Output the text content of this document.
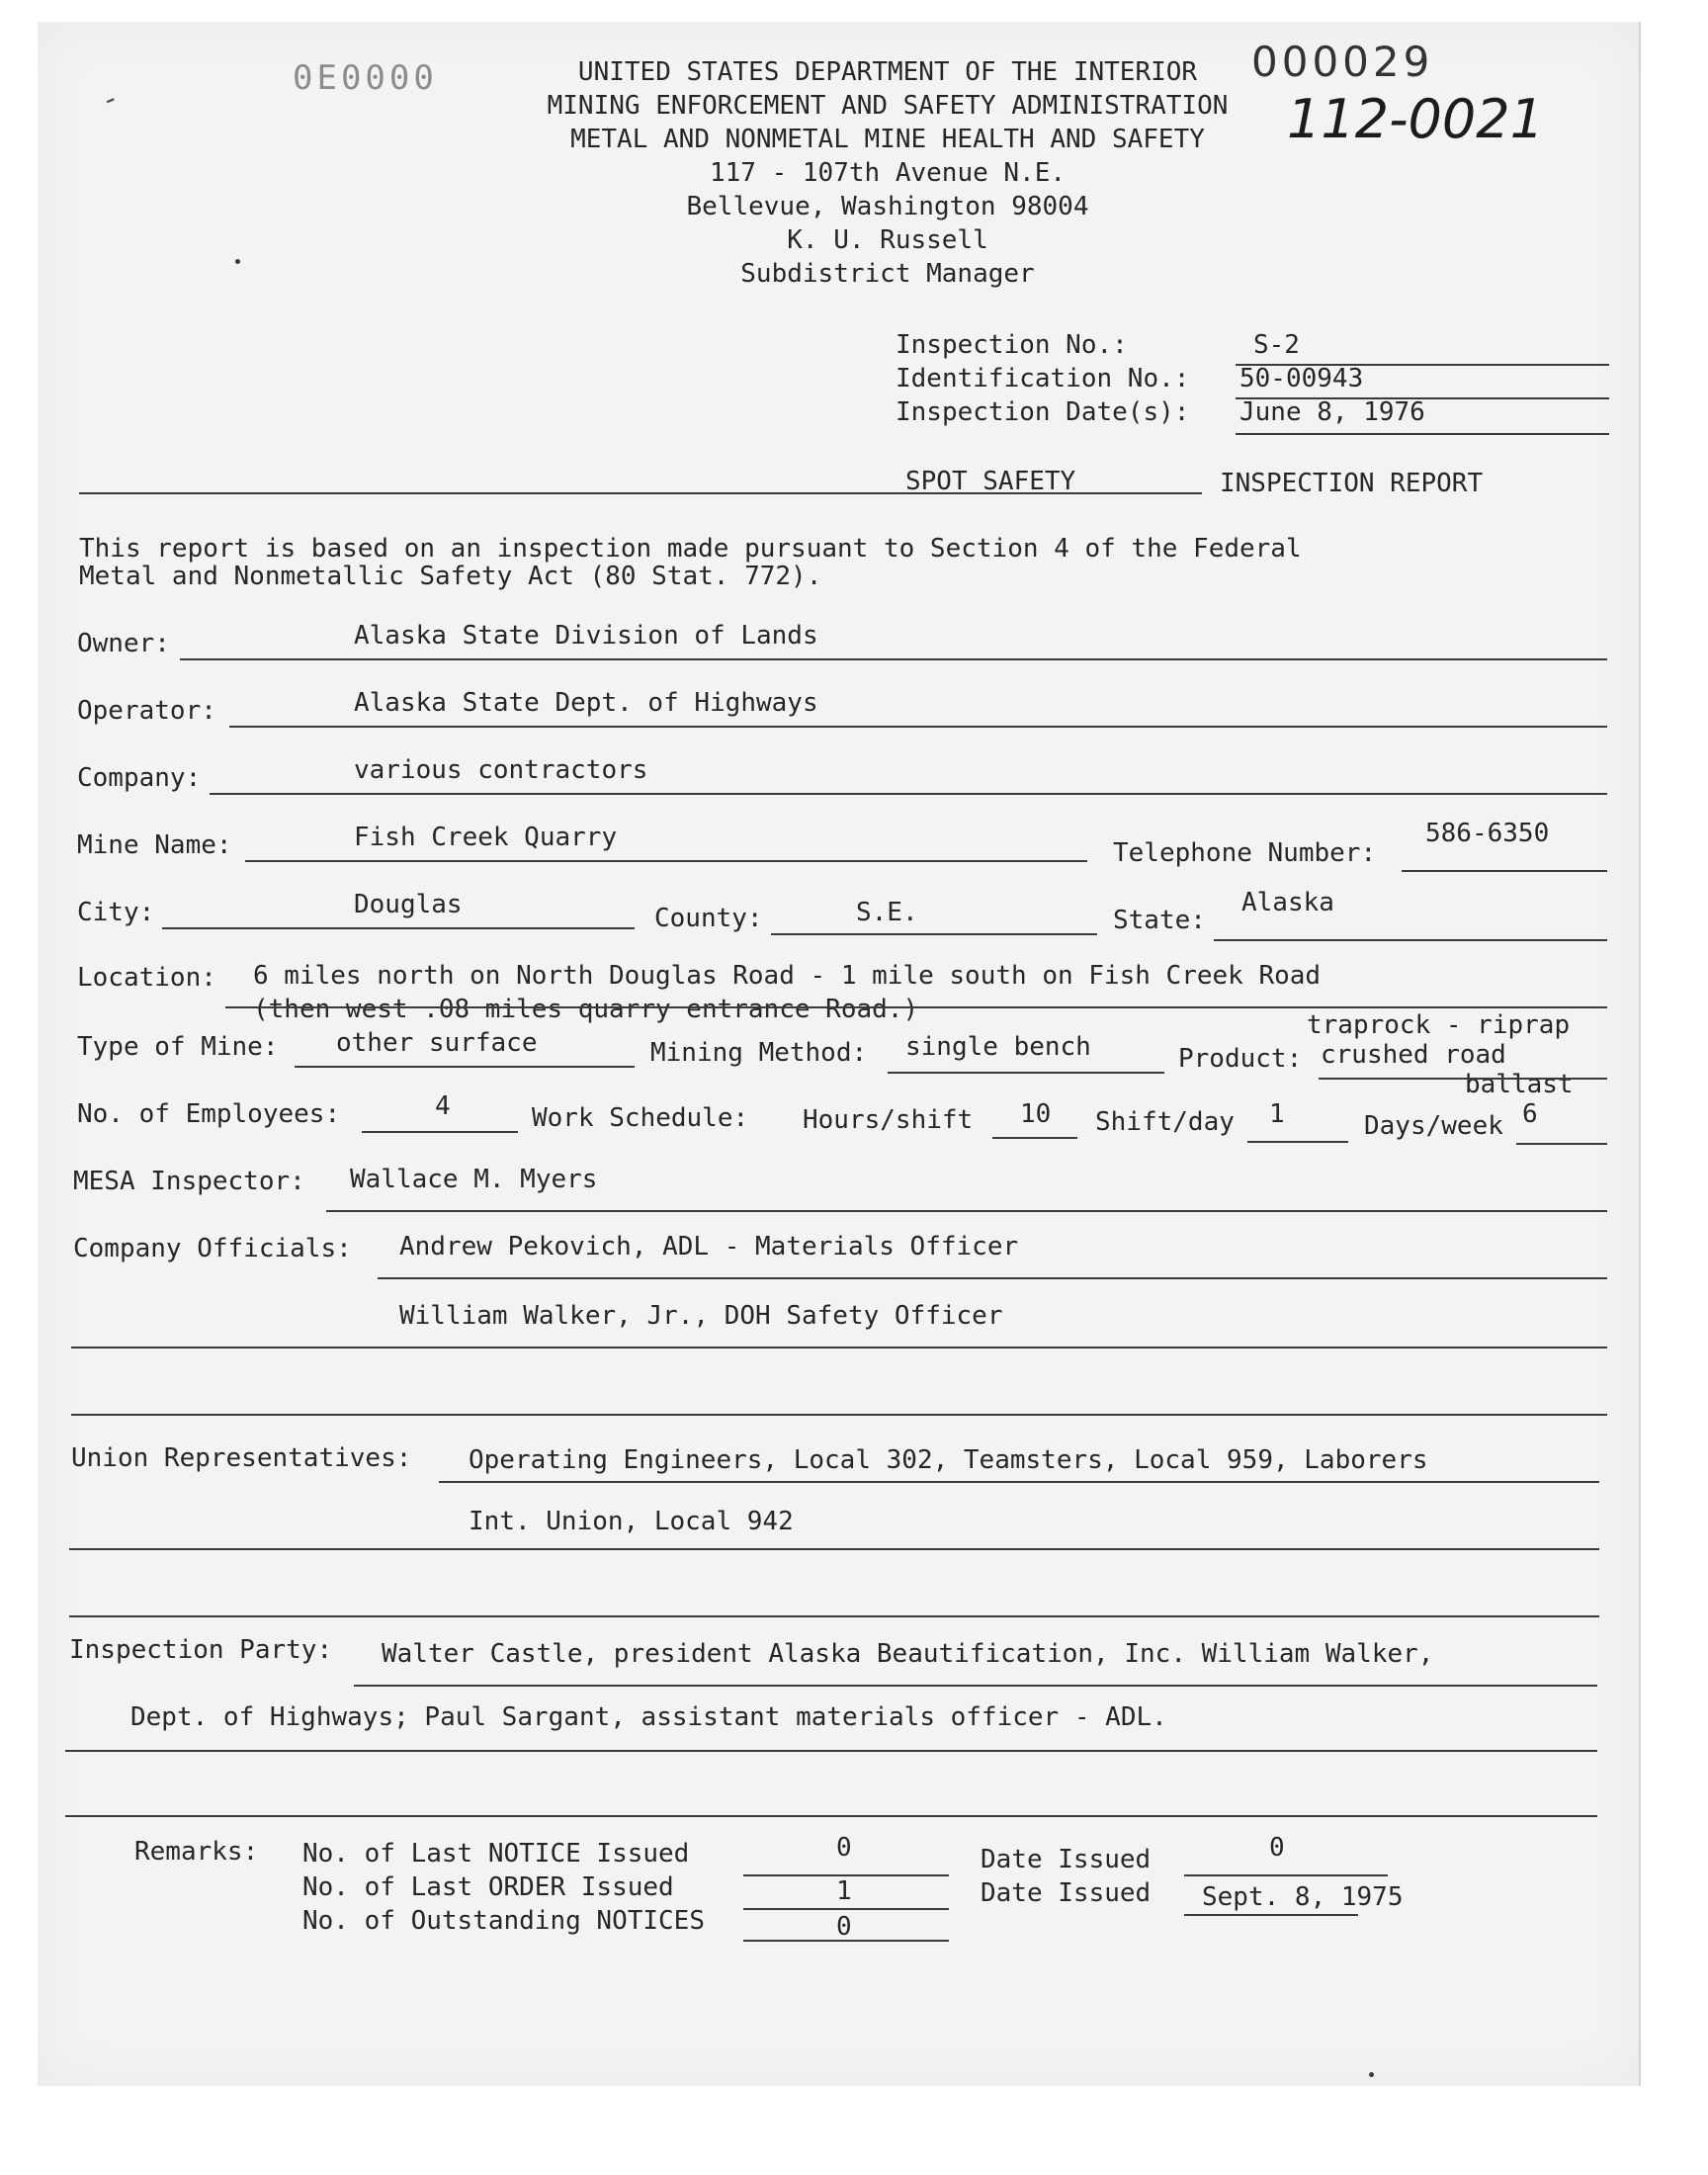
0E0000	000029
112-0021
-
UNITED STATES DEPARTMENT OF THE INTERIOR
MINING ENFORCEMENT AND SAFETY ADMINISTRATION
METAL AND NONMETAL MINE HEALTH AND SAFETY
117 - 107th Avenue N.E.
Bellevue, Washington 98004
K. U. Russell
Subdistrict Manager
Inspection No.:	S-2
Identification No.: 50-00943
Inspection Date(s): June 8, 1976
SPOT SAFETY	INSPECTION REPORT
This report is based on an inspection made pursuant to Section 4 of the Federal
Metal and Nonmetallic Safety Act (80 Stat. 772).
Owner:	Alaska State Division of Lands
Operator:	Alaska State Dept. of Highways
Company:	various contractors
Mine Name:	Fish Creek Quarry
Telephone Number:
586-6350
City:	Douglas	County:	S.E.	State:
Alaska
Location: 6 miles north on North Douglas Road - 1 mile south on Fish Creek Road
(then west .08 miles quarry entrance Road.)
Type of Mine: other surface	Mining Method: single bench	Product:
traprock - riprap
crushed road
ballast
No. of Employees:	4	Work Schedule: Hours/shift 10 Shift/day 1	Days/week 6
MESA Inspector: Wallace M. Myers
Company Officials: Andrew Pekovich, ADL - Materials Officer
William Walker, Jr., DOH Safety Officer
Union Representatives: Operating Engineers, Local 302, Teamsters, Local 959, Laborers
Int. Union, Local 942
Inspection Party: Walter Castle, president Alaska Beautification, Inc. William Walker,
Dept. of Highways; Paul Sargant, assistant materials officer - ADL.
Remarks: No. of Last NOTICE Issued	0
No. of Last ORDER Issued	1
No. of Outstanding NOTICES	0
Date Issued	0
Date Issued Sept. 8, 1975
